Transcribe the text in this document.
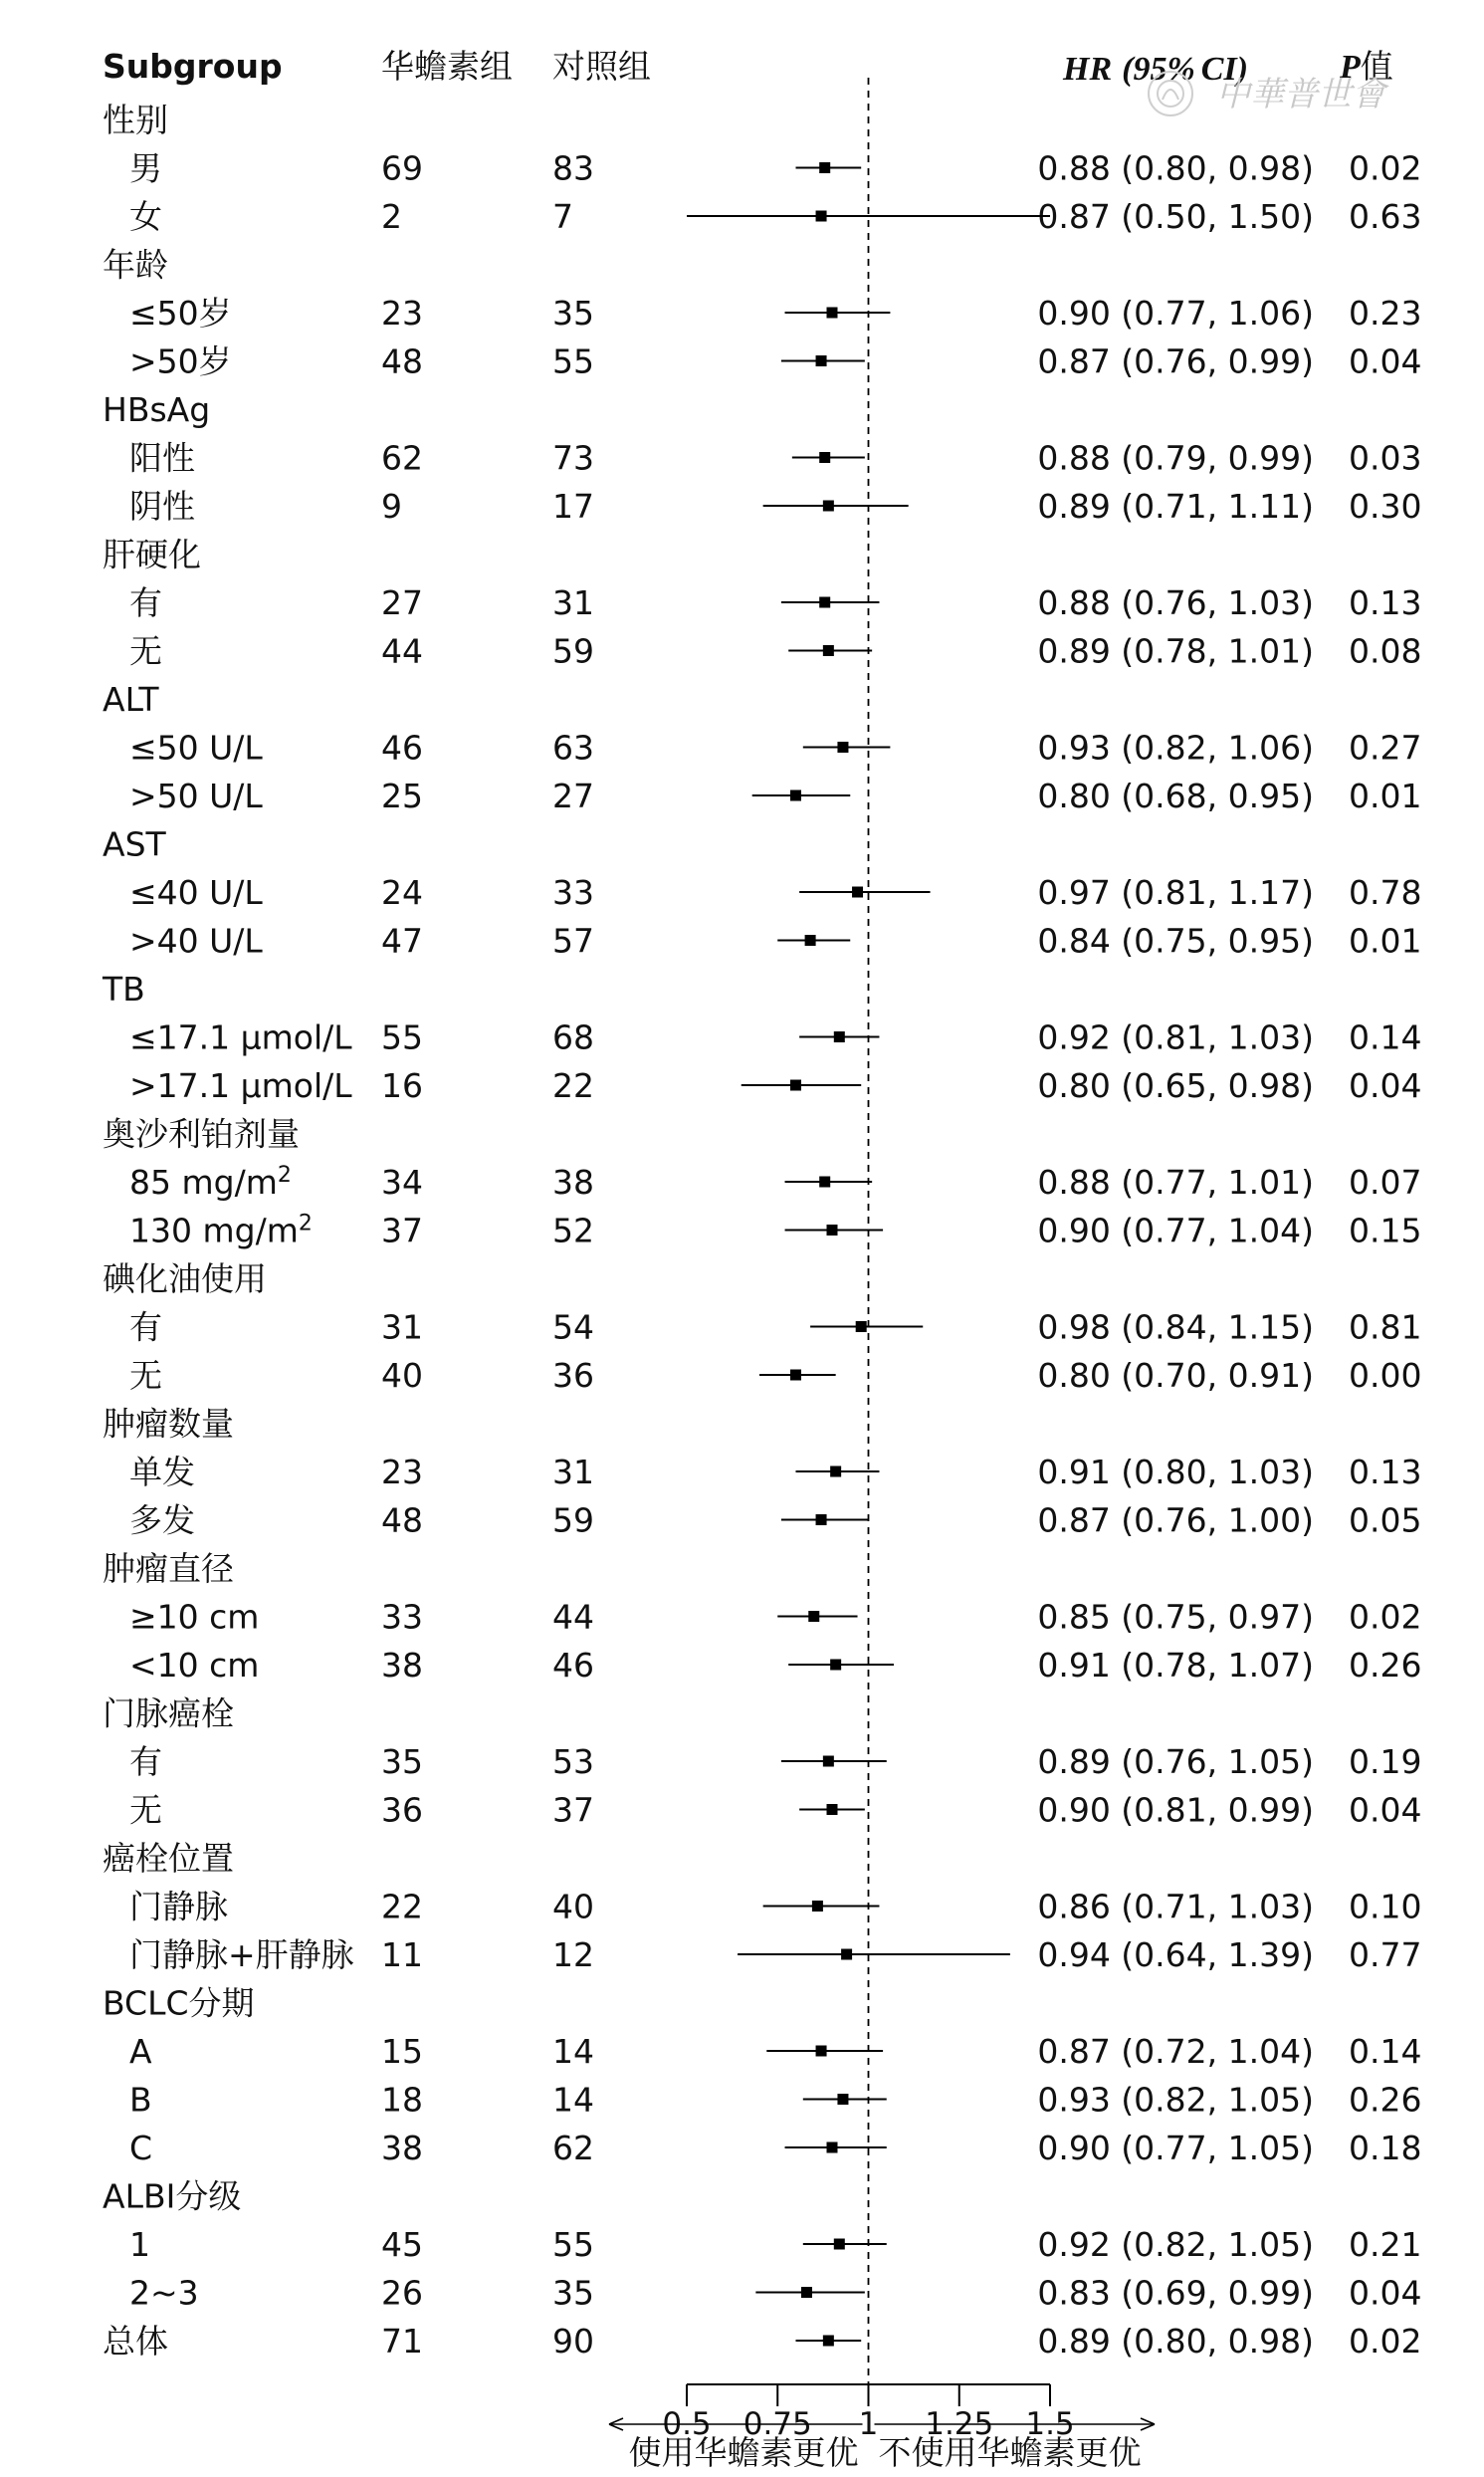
Subgroup	华蟾素组 对照组	HR (95% CI)	P值
中華普世會
性别
男	69	83	0.88 (0.80, 0.98) 0.02
女	2	7	0.87 (0.50, 1.50) 0.63
年龄
≤50岁	23	35	0.90 (0.77, 1.06) 0.23
>50岁	48	55	0.87 (0.76, 0.99) 0.04
HBsAg
阳性	62	73	0.88 (0.79, 0.99) 0.03
阴性	9	17	0.89 (0.71, 1.11) 0.30
肝硬化
有	27	31	0.88 (0.76, 1.03) 0.13
无	44	59	0.89 (0.78, 1.01) 0.08
ALT
≤50 U/L	46	63	0.93 (0.82, 1.06) 0.27
>50 U/L	25	27	0.80 (0.68, 0.95) 0.01
AST
≤40 U/L	24	33	0.97 (0.81, 1.17) 0.78
>40 U/L	47	57	0.84 (0.75, 0.95) 0.01
TB
≤17.1 μmol/L 55	68	0.92 (0.81, 1.03) 0.14
>17.1 μmol/L 16	22	0.80 (0.65, 0.98) 0.04
奥沙利铂剂量
85 $mg/m^2$	34	38	0.88 (0.77, 1.01) 0.07
130 $mg/m^2$ 37	52	0.90 (0.77, 1.04) 0.15
碘化油使用
有	31	54	0.98 (0.84, 1.15) 0.81
无	40	36	0.80 (0.70, 0.91) 0.00
肿瘤数量
单发	23	31	0.91 (0.80, 1.03) 0.13
多发	48	59	0.87 (0.76, 1.00) 0.05
肿瘤直径
≥10 cm	33	44	0.85 (0.75, 0.97) 0.02
<10 cm	38	46	0.91 (0.78, 1.07) 0.26
门脉癌栓
有	35	53	0.89 (0.76, 1.05) 0.19
无	36	37	0.90 (0.81, 0.99) 0.04
癌栓位置
门静脉	22	40	0.86 (0.71, 1.03) 0.10
门静脉+肝静脉 11	12	0.94 (0.64, 1.39) 0.77
BCLC分期
A	15	14	0.87 (0.72, 1.04) 0.14
B	18	14	0.93 (0.82, 1.05) 0.26
C	38	62	0.90 (0.77, 1.05) 0.18
ALBI分级
1	45	55	0.92 (0.82, 1.05) 0.21
2~3	26	35	0.83 (0.69, 0.99) 0.04
总体	71	90	0.89 (0.80, 0.98) 0.02
0.5 0.75 1 1.25 1.5
使用华蟾素更优 不使用华蟾素更优
